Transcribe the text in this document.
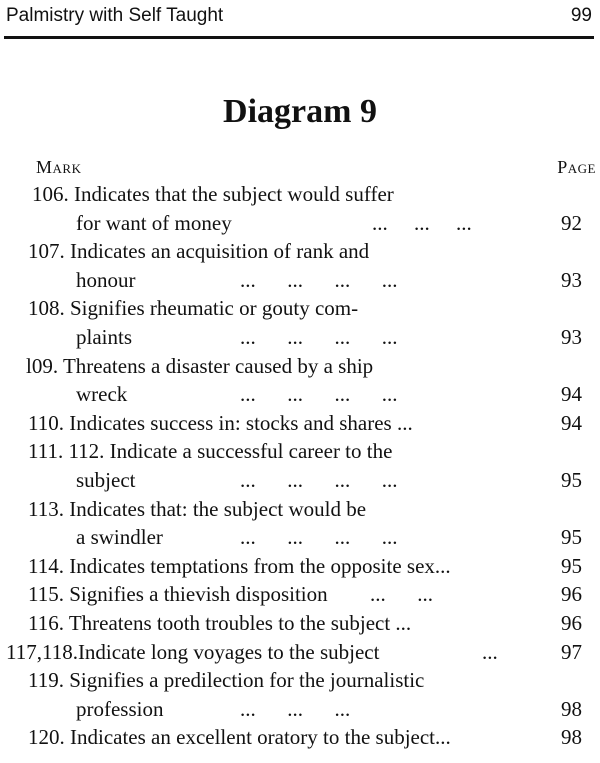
Palmistry with Self Taught	99
Diagram 9
Mark	Page
106. Indicates that the subject would suffer
for want of money	...     ...     ...	92
107. Indicates an acquisition of rank and
honour	...      ...      ...      ...	93
108. Signifies rheumatic or gouty com-
plaints	...      ...      ...      ...	93
l09. Threatens a disaster caused by a ship
wreck	...      ...      ...      ...	94
110. Indicates success in: stocks and shares ...	94
111. 112. Indicate a successful career to the
subject	...      ...      ...      ...	95
113. Indicates that: the subject would be
a swindler	...      ...      ...      ...	95
114. Indicates temptations from the opposite sex...	95
115. Signifies a thievish disposition ...      ...	96
116. Threatens tooth troubles to the subject ...	96
117,118.Indicate long voyages to the subject	...	97
119. Signifies a predilection for the journalistic
profession	...      ...      ...	98
120. Indicates an excellent oratory to the subject...	98
